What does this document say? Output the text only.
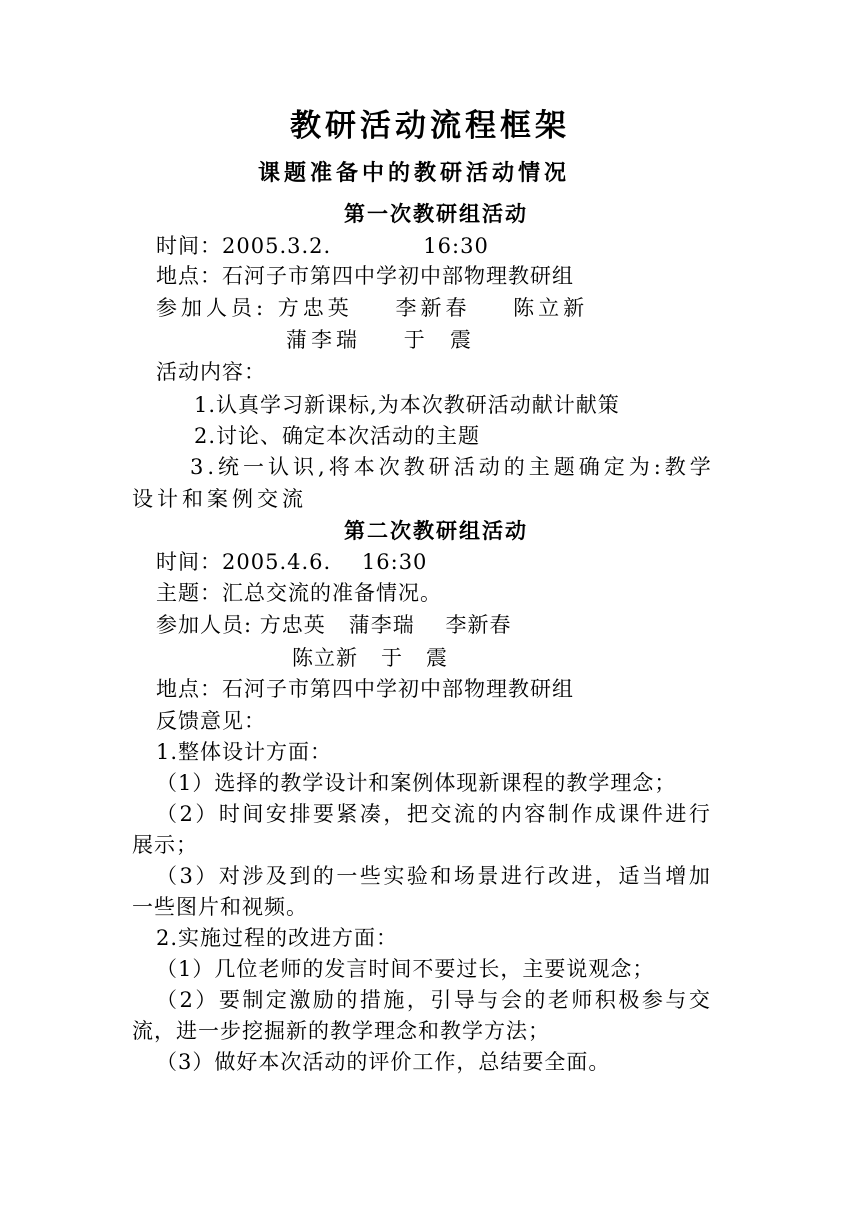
教研活动流程框架
课题准备中的教研活动情况
第一次教研组活动
时间：2005.3.2.            16:30
地点：石河子市第四中学初中部物理教研组
参加人员: 方忠英    李新春    陈立新
蒲李瑞    于  震
活动内容：
1.认真学习新课标,为本次教研活动献计献策
2.讨论、确定本次活动的主题
3.统一认识,将本次教研活动的主题确定为:教学
设计和案例交流
第二次教研组活动
时间：2005.4.6.    16:30
主题：汇总交流的准备情况。
参加人员: 方忠英   蒲李瑞    李新春
陈立新   于   震
地点：石河子市第四中学初中部物理教研组
反馈意见：
1.整体设计方面：
（1）选择的教学设计和案例体现新课程的教学理念；
（2）时间安排要紧凑，把交流的内容制作成课件进行
展示；
（3）对涉及到的一些实验和场景进行改进，适当增加
一些图片和视频。
2.实施过程的改进方面：
（1）几位老师的发言时间不要过长，主要说观念；
（2）要制定激励的措施，引导与会的老师积极参与交
流，进一步挖掘新的教学理念和教学方法；
（3）做好本次活动的评价工作，总结要全面。
